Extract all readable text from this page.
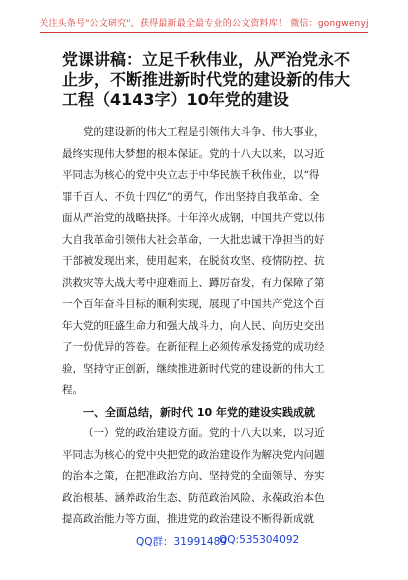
关注头条号"公文研究"，获得最新最全最专业的公文资料库！ 微信：gongwenyj
党课讲稿：立足千秋伟业，从严治党永不
止步，不断推进新时代党的建设新的伟大
工程（4143字）10年党的建设
党的建设新的伟大工程是引领伟大斗争、伟大事业，
最终实现伟大梦想的根本保证。党的十八大以来，以习近
平同志为核心的党中央立志于中华民族千秋伟业，以“得
罪千百人、不负十四亿”的勇气，作出坚持自我革命、全
面从严治党的战略抉择。十年淬火成钢，中国共产党以伟
大自我革命引领伟大社会革命，一大批忠诚干净担当的好
干部被发现出来，使用起来，在脱贫攻坚、疫情防控、抗
洪救灾等大战大考中迎难而上、蹲厉奋发，有力保障了第
一个百年奋斗目标的顺利实现，展现了中国共产党这个百
年大党的旺盛生命力和强大战斗力，向人民、向历史交出
了一份优异的答卷。在新征程上必须传承发扬党的成功经
验，坚持守正创新，继续推进新时代党的建设新的伟大工
程。
一、全面总结，新时代 10 年党的建设实践成就
（一）党的政治建设方面。党的十八大以来，以习近
平同志为核心的党中央把党的政治建设作为解决党内问题
的治本之策，在把准政治方向、坚持党的全面领导、夯实
政治根基、涵养政治生态、防范政治风险、永葆政治本色
提高政治能力等方面，推进党的政治建设不断得新成就
QQ群：31991489
QQ:535304092
